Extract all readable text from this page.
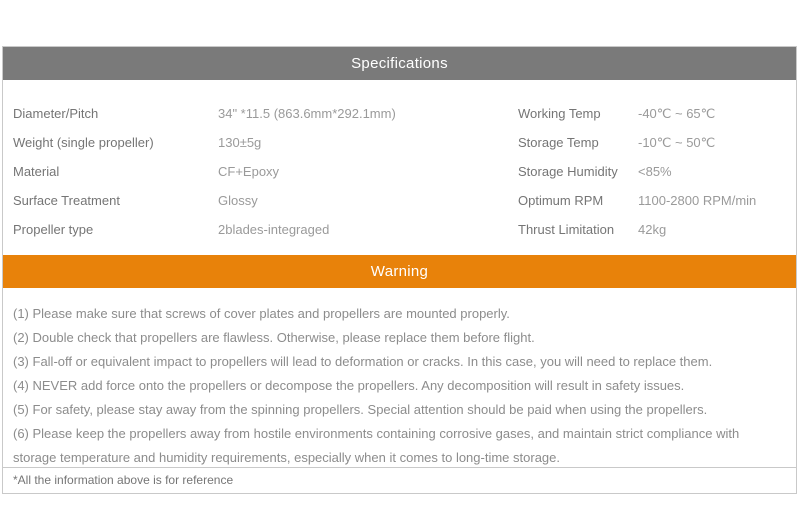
Specifications
Diameter/Pitch	34" *11.5 (863.6mm*292.1mm)	Working Temp	-40℃ ~ 65℃
Weight (single propeller)	130±5g	Storage Temp	-10℃ ~ 50℃
Material	CF+Epoxy	Storage Humidity	<85%
Surface Treatment	Glossy	Optimum RPM	1100-2800 RPM/min
Propeller type	2blades-integraged	Thrust Limitation	42kg
Warning
(1) Please make sure that screws of cover plates and propellers are mounted properly.
(2) Double check that propellers are flawless. Otherwise, please replace them before flight.
(3) Fall-off or equivalent impact to propellers will lead to deformation or cracks. In this case, you will need to replace them.
(4) NEVER add force onto the propellers or decompose the propellers. Any decomposition will result in safety issues.
(5) For safety, please stay away from the spinning propellers. Special attention should be paid when using the propellers.
(6) Please keep the propellers away from hostile environments containing corrosive gases, and maintain strict compliance with storage temperature and humidity requirements, especially when it comes to long-time storage.
*All the information above is for reference
